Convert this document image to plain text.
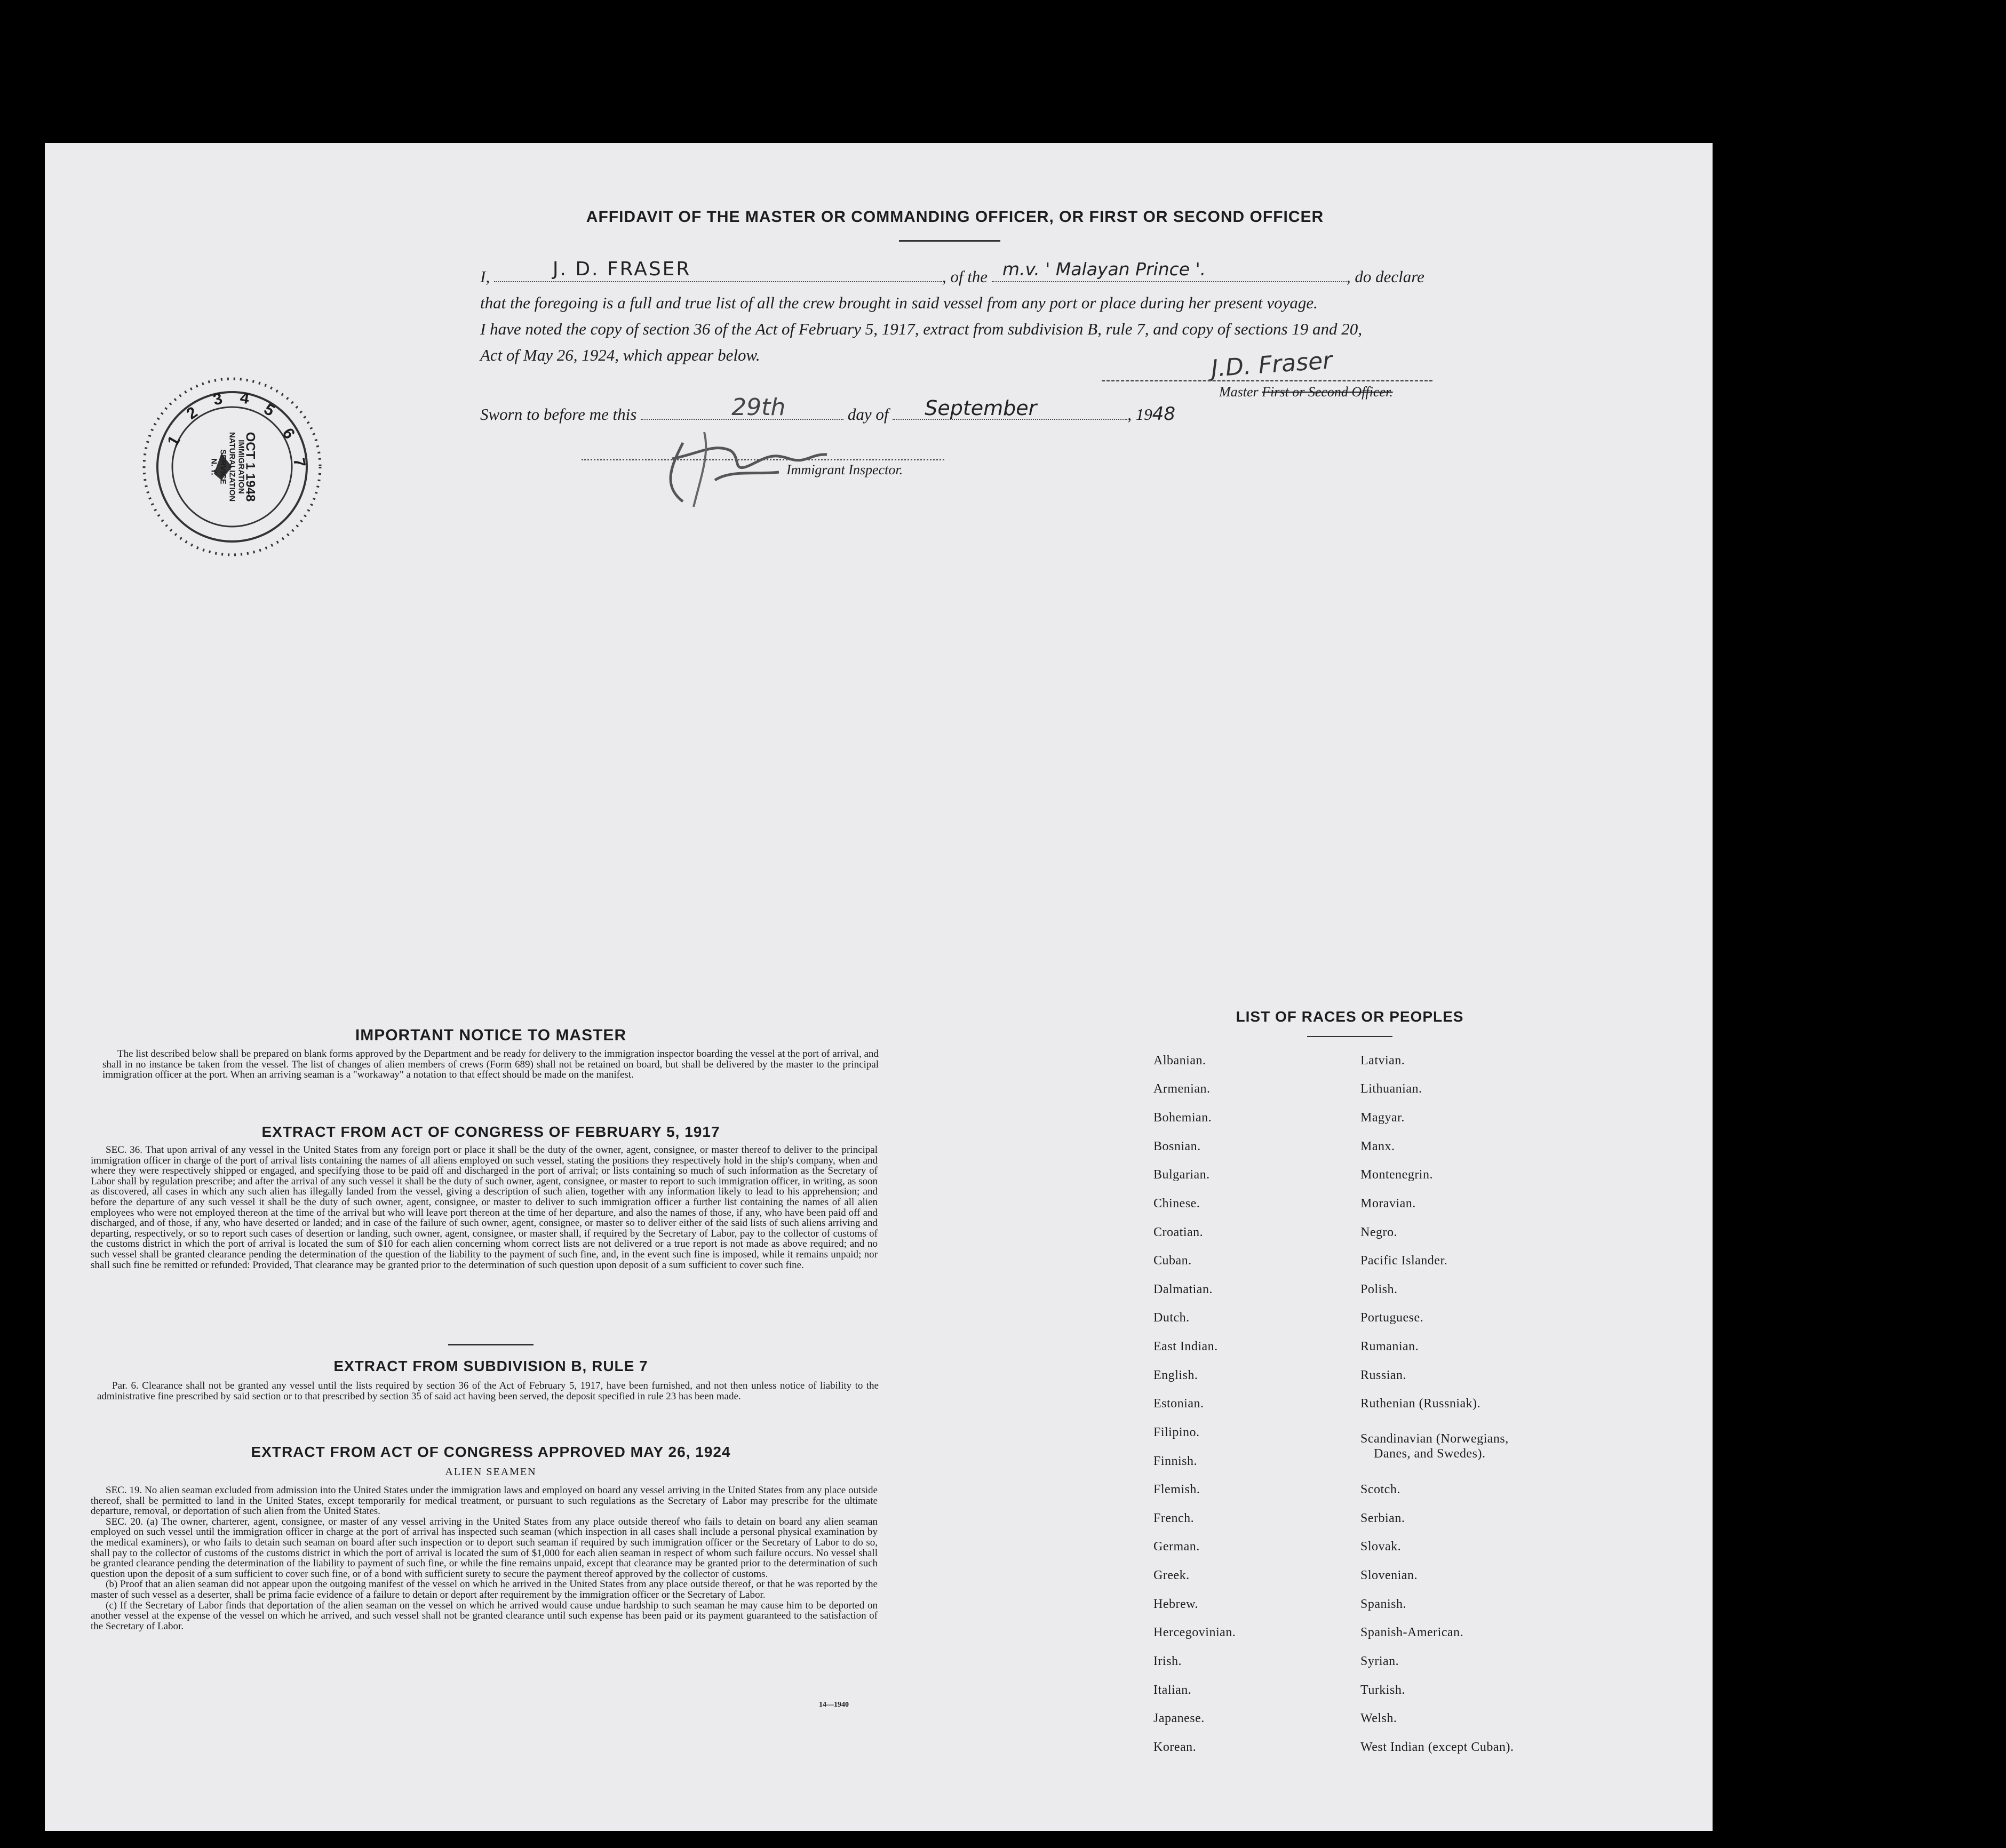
AFFIDAVIT OF THE MASTER OR COMMANDING OFFICER, OR FIRST OR SECOND OFFICER
I,	J. D. FRASER	, of the m.v. ' Malayan Prince '.	, do declare
that the foregoing is a full and true list of all the crew brought in said vessel from any port or place during her present voyage.
I have noted the copy of section 36 of the Act of February 5, 1917, extract from subdivision B, rule 7, and copy of sections 19 and 20,
Act of May 26, 1924, which appear below.	J.D. Fraser
Master First or Second Officer.
Sworn to before me this	29th	day of September	, 1948
Immigrant Inspector.
1
2
3 4
5
6
7
OCT 1 1948
IMMIGRATION
NATURALIZATION
SERVICE
N. Y.
IMPORTANT NOTICE TO MASTER

The list described below shall be prepared on blank forms approved by the Department and be ready for delivery to the immigration inspector boarding the vessel at the port of arrival, and shall in no instance be taken from the vessel. The list of changes of alien members of crews (Form 689) shall not be retained on board, but shall be delivered by the master to the principal immigration officer at the port. When an arriving seaman is a "workaway" a notation to that effect should be made on the manifest.

EXTRACT FROM ACT OF CONGRESS OF FEBRUARY 5, 1917

SEC. 36. That upon arrival of any vessel in the United States from any foreign port or place it shall be the duty of the owner, agent, consignee, or master thereof to deliver to the principal immigration officer in charge of the port of arrival lists containing the names of all aliens employed on such vessel, stating the positions they respectively hold in the ship's company, when and where they were respectively shipped or engaged, and specifying those to be paid off and discharged in the port of arrival; or lists containing so much of such information as the Secretary of Labor shall by regulation prescribe; and after the arrival of any such vessel it shall be the duty of such owner, agent, consignee, or master to report to such immigration officer, in writing, as soon as discovered, all cases in which any such alien has illegally landed from the vessel, giving a description of such alien, together with any information likely to lead to his apprehension; and before the departure of any such vessel it shall be the duty of such owner, agent, consignee, or master to deliver to such immigration officer a further list containing the names of all alien employees who were not employed thereon at the time of the arrival but who will leave port thereon at the time of her departure, and also the names of those, if any, who have been paid off and discharged, and of those, if any, who have deserted or landed; and in case of the failure of such owner, agent, consignee, or master so to deliver either of the said lists of such aliens arriving and departing, respectively, or so to report such cases of desertion or landing, such owner, agent, consignee, or master shall, if required by the Secretary of Labor, pay to the collector of customs of the customs district in which the port of arrival is located the sum of $10 for each alien concerning whom correct lists are not delivered or a true report is not made as above required; and no such vessel shall be granted clearance pending the determination of the question of the liability to the payment of such fine, and, in the event such fine is imposed, while it remains unpaid; nor shall such fine be remitted or refunded: Provided, That clearance may be granted prior to the determination of such question upon deposit of a sum sufficient to cover such fine.

EXTRACT FROM SUBDIVISION B, RULE 7

Par. 6. Clearance shall not be granted any vessel until the lists required by section 36 of the Act of February 5, 1917, have been furnished, and not then unless notice of liability to the administrative fine prescribed by said section or to that prescribed by section 35 of said act having been served, the deposit specified in rule 23 has been made.

EXTRACT FROM ACT OF CONGRESS APPROVED MAY 26, 1924
ALIEN SEAMEN

SEC. 19. No alien seaman excluded from admission into the United States under the immigration laws and employed on board any vessel arriving in the United States from any place outside thereof, shall be permitted to land in the United States, except temporarily for medical treatment, or pursuant to such regulations as the Secretary of Labor may prescribe for the ultimate departure, removal, or deportation of such alien from the United States.

SEC. 20. (a) The owner, charterer, agent, consignee, or master of any vessel arriving in the United States from any place outside thereof who fails to detain on board any alien seaman employed on such vessel until the immigration officer in charge at the port of arrival has inspected such seaman (which inspection in all cases shall include a personal physical examination by the medical examiners), or who fails to detain such seaman on board after such inspection or to deport such seaman if required by such immigration officer or the Secretary of Labor to do so, shall pay to the collector of customs of the customs district in which the port of arrival is located the sum of $1,000 for each alien seaman in respect of whom such failure occurs. No vessel shall be granted clearance pending the determination of the liability to payment of such fine, or while the fine remains unpaid, except that clearance may be granted prior to the determination of such question upon the deposit of a sum sufficient to cover such fine, or of a bond with sufficient surety to secure the payment thereof approved by the collector of customs.

(b) Proof that an alien seaman did not appear upon the outgoing manifest of the vessel on which he arrived in the United States from any place outside thereof, or that he was reported by the master of such vessel as a deserter, shall be prima facie evidence of a failure to detain or deport after requirement by the immigration officer or the Secretary of Labor.

(c) If the Secretary of Labor finds that deportation of the alien seaman on the vessel on which he arrived would cause undue hardship to such seaman he may cause him to be deported on another vessel at the expense of the vessel on which he arrived, and such vessel shall not be granted clearance until such expense has been paid or its payment guaranteed to the satisfaction of the Secretary of Labor.

14—1940
LIST OF RACES OR PEOPLES
Albanian.
Armenian.
Bohemian.
Bosnian.
Bulgarian.
Chinese.
Croatian.
Cuban.
Dalmatian.
Dutch.
East Indian.
English.
Estonian.
Filipino.
Finnish.
Flemish.
French.
German.
Greek.
Hebrew.
Hercegovinian.
Irish.
Italian.
Japanese.
Korean.
Latvian.
Lithuanian.
Magyar.
Manx.
Montenegrin.
Moravian.
Negro.
Pacific Islander.
Polish.
Portuguese.
Rumanian.
Russian.
Ruthenian (Russniak).
Scandinavian (Norwegians,
Danes, and Swedes).
Scotch.
Serbian.
Slovak.
Slovenian.
Spanish.
Spanish-American.
Syrian.
Turkish.
Welsh.
West Indian (except Cuban).
